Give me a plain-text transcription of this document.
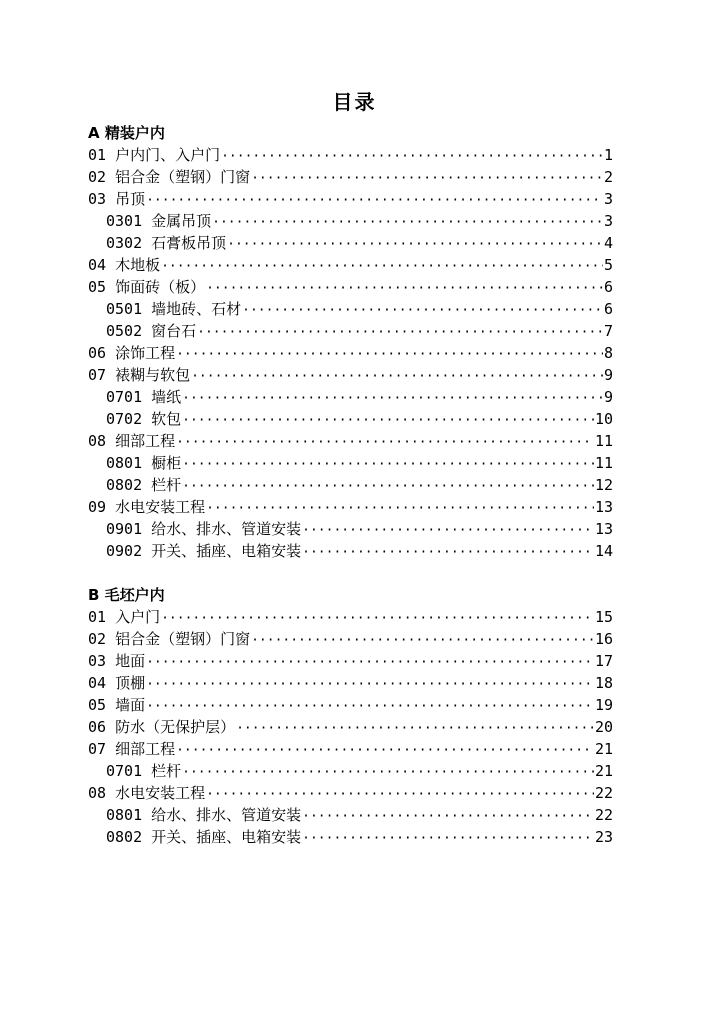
目录
A 精装户内
01 户内门、入户门 ·····	1
02 铝合金（塑钢）门窗 ·····	2
03 吊顶 ·····	3
0301 金属吊顶 ·····	3
0302 石膏板吊顶 ·····	4
04 木地板 ·····	5
05 饰面砖（板） ·····	6
0501 墙地砖、石材 ·····	6
0502 窗台石 ·····	7
06 涂饰工程 ·····	8
07 裱糊与软包 ·····	9
0701 墙纸 ·····	9
0702 软包 ·····	10
08 细部工程 ·····	11
0801 橱柜 ·····	11
0802 栏杆 ·····	12
09 水电安装工程 ·····	13
0901 给水、排水、管道安装 ·····	13
0902 开关、插座、电箱安装 ·····	14
B 毛坯户内
01 入户门 ·····	15
02 铝合金（塑钢）门窗 ·····	16
03 地面 ·····	17
04 顶棚 ·····	18
05 墙面 ·····	19
06 防水（无保护层） ·····	20
07 细部工程 ·····	21
0701 栏杆 ·····	21
08 水电安装工程 ·····	22
0801 给水、排水、管道安装 ·····	22
0802 开关、插座、电箱安装 ·····	23
